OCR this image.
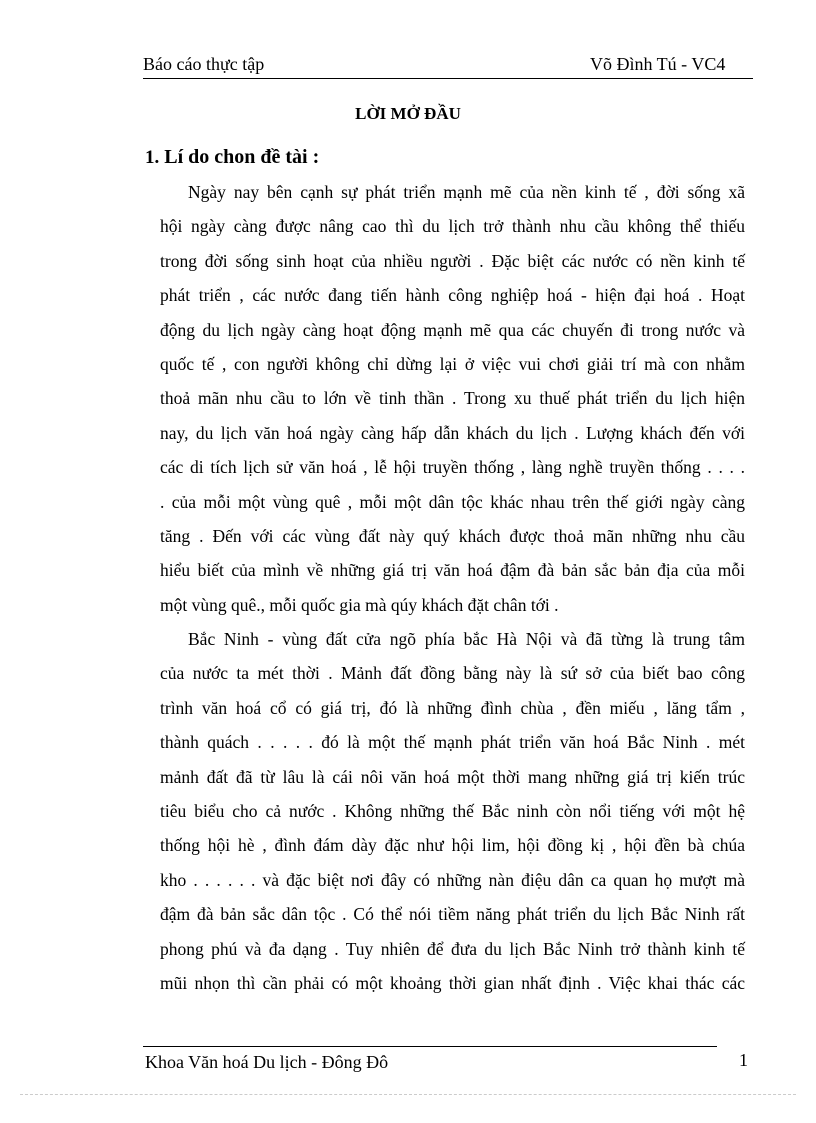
Báo cáo thực tập	Võ Đình Tú - VC4
LỜI MỞ ĐẦU
1. Lí do chon đề tài :
Ngày nay bên cạnh sự phát triển mạnh mẽ của nền kinh tế , đời sống xã
hội ngày càng được nâng cao thì du lịch trở thành nhu cầu không thể thiếu
trong đời sống sinh hoạt của nhiều người . Đặc biệt các nước có nền kinh tế
phát triển , các nước đang tiến hành công nghiệp hoá - hiện đại hoá . Hoạt
động du lịch ngày càng hoạt động mạnh mẽ qua các chuyến đi trong nước và
quốc tế , con người không chỉ dừng lại ở việc vui chơi giải trí mà con nhằm
thoả mãn nhu cầu to lớn về tinh thần . Trong xu thuế phát triển du lịch hiện
nay, du lịch văn hoá ngày càng hấp dẫn khách du lịch . Lượng khách đến với
các di tích lịch sử văn hoá , lễ hội truyền thống , làng nghề truyền thống . . . .
. của mỗi một vùng quê , mỗi một dân tộc khác nhau trên thế giới ngày càng
tăng . Đến với các vùng đất này quý khách được thoả mãn những nhu cầu
hiểu biết của mình về những giá trị văn hoá đậm đà bản sắc bản địa của mỗi
một vùng quê., mỗi quốc gia mà qúy khách đặt chân tới .
Bắc Ninh - vùng đất cửa ngõ phía bắc Hà Nội và đã từng là trung tâm
của nước ta mét thời . Mảnh đất đồng bằng này là sứ sở của biết bao công
trình văn hoá cổ có giá trị, đó là những đình chùa , đền miếu , lăng tẩm ,
thành quách . . . . . đó là một thế mạnh phát triển văn hoá Bắc Ninh . mét
mảnh đất đã từ lâu là cái nôi văn hoá một thời mang những giá trị kiến trúc
tiêu biểu cho cả nước . Không những thế Bắc ninh còn nổi tiếng với một hệ
thống hội hè , đình đám dày đặc như hội lim, hội đồng kị , hội đền bà chúa
kho . . . . . . và đặc biệt nơi đây có những nàn điệu dân ca quan họ mượt mà
đậm đà bản sắc dân tộc . Có thể nói tiềm năng phát triển du lịch Bắc Ninh rất
phong phú và đa dạng . Tuy nhiên để đưa du lịch Bắc Ninh trở thành kinh tế
mũi nhọn thì cần phải có một khoảng thời gian nhất định . Việc khai thác các
Khoa Văn hoá Du lịch - Đông Đô	1
